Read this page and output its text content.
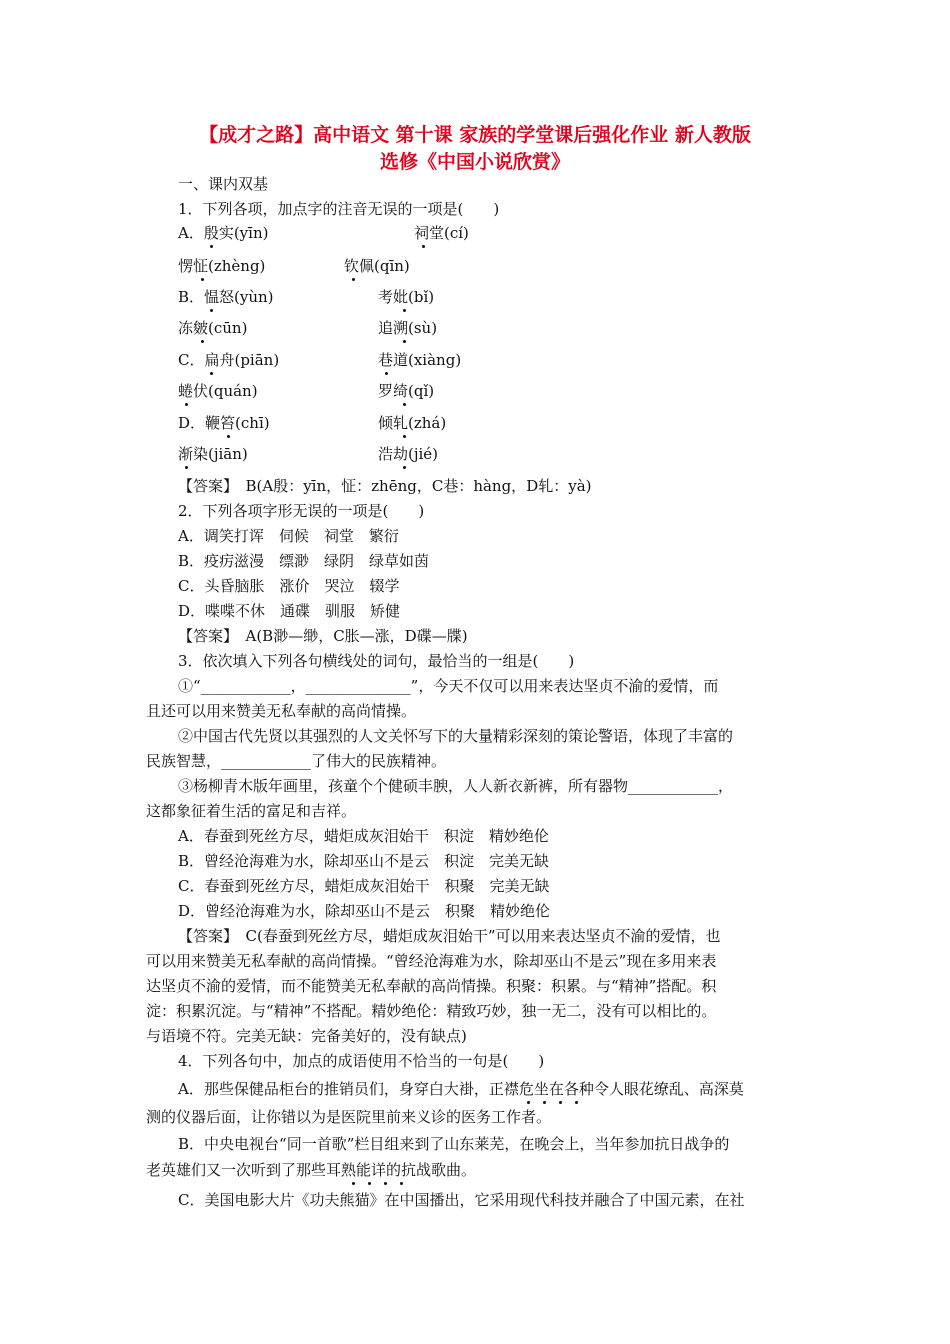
【成才之路】高中语文 第十课 家族的学堂课后强化作业 新人教版
选修《中国小说欣赏》
一、课内双基
1．下列各项，加点字的注音无误的一项是(　　)
A．殷实(yīn)	祠堂(cí)
愣怔(zhèng)	钦佩(qīn)
B．愠怒(yùn)	考妣(bǐ)
冻皴(cūn)	追溯(sù)
C．扁舟(piān)	巷道(xiàng)
蜷伏(quán)	罗绮(qǐ)
D．鞭笞(chī)	倾轧(zhá)
渐染(jiān)	浩劫(jié)
【答案】　B(A殷：yīn，怔：zhēng，C巷：hàng，D轧：yà)
2．下列各项字形无误的一项是(　　)
A．调笑打诨　伺候　祠堂　繁衍
B．疫疠滋漫　缥渺　绿阴　绿草如茵
C．头昏脑胀　涨价　哭泣　辍学
D．喋喋不休　通碟　驯服　矫健
【答案】　A(B渺—缈，C胀—涨，D碟—牒)
3．依次填入下列各句横线处的词句，最恰当的一组是(　　)
①“____________，______________”，今天不仅可以用来表达坚贞不渝的爱情，而
且还可以用来赞美无私奉献的高尚情操。
②中国古代先贤以其强烈的人文关怀写下的大量精彩深刻的策论警语，体现了丰富的
民族智慧，____________了伟大的民族精神。
③杨柳青木版年画里，孩童个个健硕丰腴，人人新衣新裤，所有器物____________，
这都象征着生活的富足和吉祥。
A．春蚕到死丝方尽，蜡炬成灰泪始干　积淀　精妙绝伦
B．曾经沧海难为水，除却巫山不是云　积淀　完美无缺
C．春蚕到死丝方尽，蜡炬成灰泪始干　积聚　完美无缺
D．曾经沧海难为水，除却巫山不是云　积聚　精妙绝伦
【答案】　C(春蚕到死丝方尽，蜡炬成灰泪始干”可以用来表达坚贞不渝的爱情，也
可以用来赞美无私奉献的高尚情操。“曾经沧海难为水，除却巫山不是云”现在多用来表
达坚贞不渝的爱情，而不能赞美无私奉献的高尚情操。积聚：积累。与“精神”搭配。积
淀：积累沉淀。与“精神”不搭配。精妙绝伦：精致巧妙，独一无二，没有可以相比的。
与语境不符。完美无缺：完备美好的，没有缺点)
4．下列各句中，加点的成语使用不恰当的一句是(　　)
A．那些保健品柜台的推销员们，身穿白大褂，正襟危坐在各种令人眼花缭乱、高深莫
测的仪器后面，让你错以为是医院里前来义诊的医务工作者。
B．中央电视台“同一首歌”栏目组来到了山东莱芜，在晚会上，当年参加抗日战争的
老英雄们又一次听到了那些耳熟能详的抗战歌曲。
C．美国电影大片《功夫熊猫》在中国播出，它采用现代科技并融合了中国元素，在社
